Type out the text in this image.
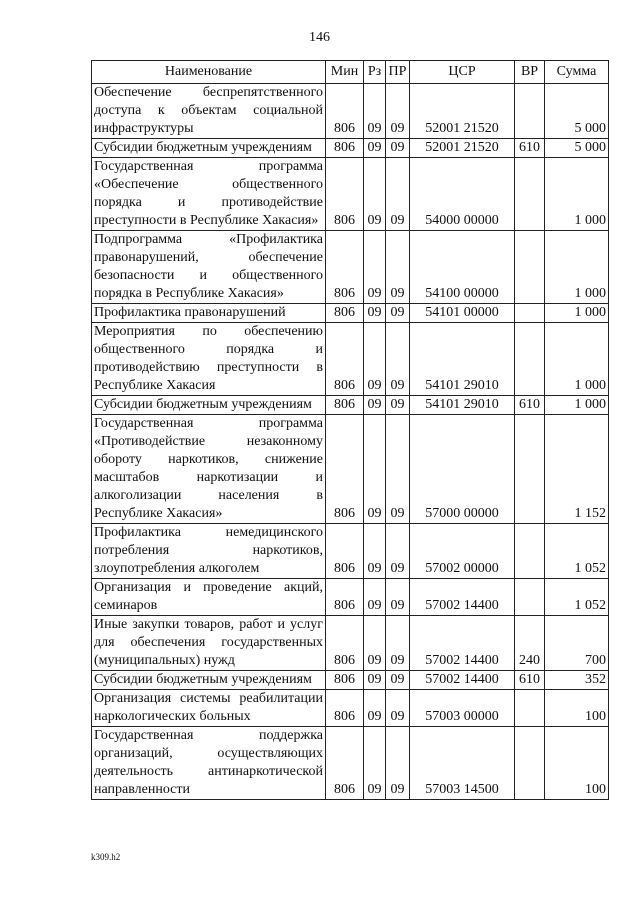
146
Наименование	Мин	Рз	ПР	ЦСР	ВР	Сумма
Обеспечение беспрепятственного доступа к объектам социальной инфраструктуры	806	09	09	52001 21520		5 000
Субсидии бюджетным учреждениям	806	09	09	52001 21520	610	5 000
Государственная программа «Обеспечение общественного порядка и противодействие преступности в Республике Хакасия»	806	09	09	54000 00000		1 000
Подпрограмма «Профилактика правонарушений, обеспечение безопасности и общественного порядка в Республике Хакасия»	806	09	09	54100 00000		1 000
Профилактика правонарушений	806	09	09	54101 00000		1 000
Мероприятия по обеспечению общественного порядка и противодействию преступности в Республике Хакасия	806	09	09	54101 29010		1 000
Субсидии бюджетным учреждениям	806	09	09	54101 29010	610	1 000
Государственная программа «Противодействие незаконному обороту наркотиков, снижение масштабов наркотизации и алкоголизации населения в Республике Хакасия»	806	09	09	57000 00000		1 152
Профилактика немедицинского потребления наркотиков, злоупотребления алкоголем	806	09	09	57002 00000		1 052
Организация и проведение акций, семинаров	806	09	09	57002 14400		1 052
Иные закупки товаров, работ и услуг для обеспечения государственных (муниципальных) нужд	806	09	09	57002 14400	240	700
Субсидии бюджетным учреждениям	806	09	09	57002 14400	610	352
Организация системы реабилитации наркологических больных	806	09	09	57003 00000		100
Государственная поддержка организаций, осуществляющих деятельность антинаркотической направленности	806	09	09	57003 14500		100
k309.h2
